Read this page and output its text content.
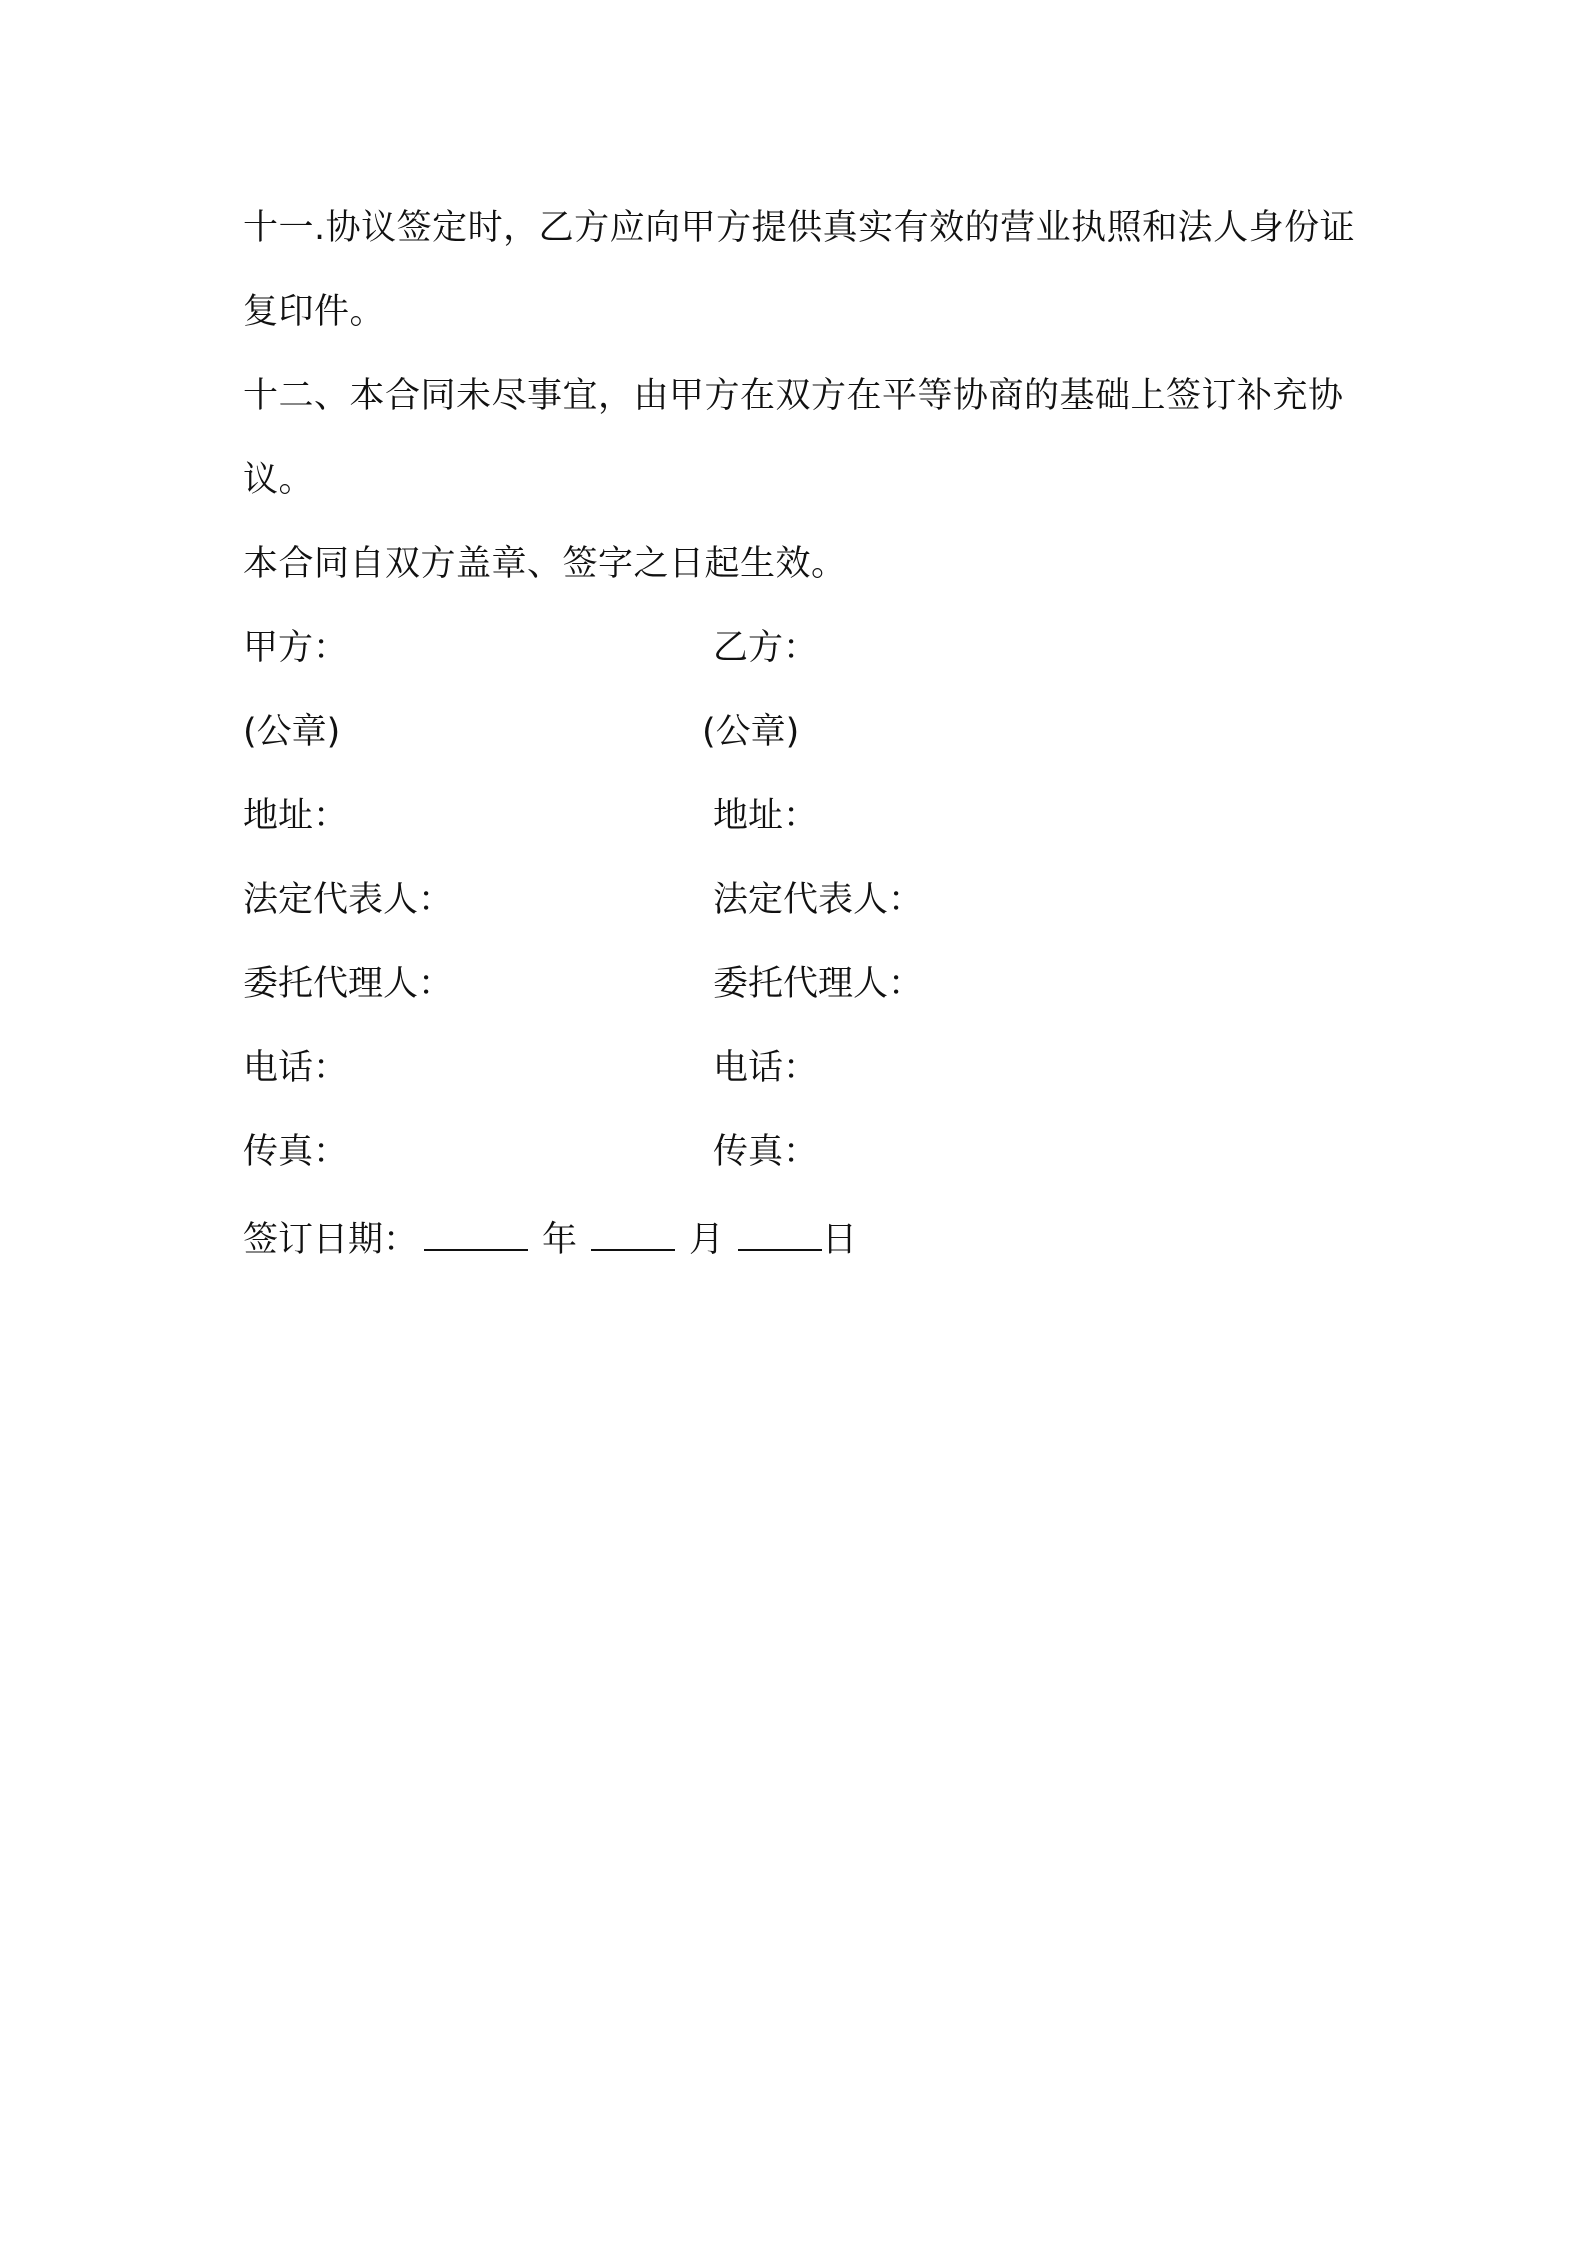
十一.协议签定时，乙方应向甲方提供真实有效的营业执照和法人身份证复印件。
十二、本合同未尽事宜，由甲方在双方在平等协商的基础上签订补充协议。
本合同自双方盖章、签字之日起生效。
甲方：	乙方：
(公章)	(公章)
地址：	地址：
法定代表人：	法定代表人：
委托代理人：	委托代理人：
电话：	电话：
传真：	传真：
签订日期：	年	月	日
